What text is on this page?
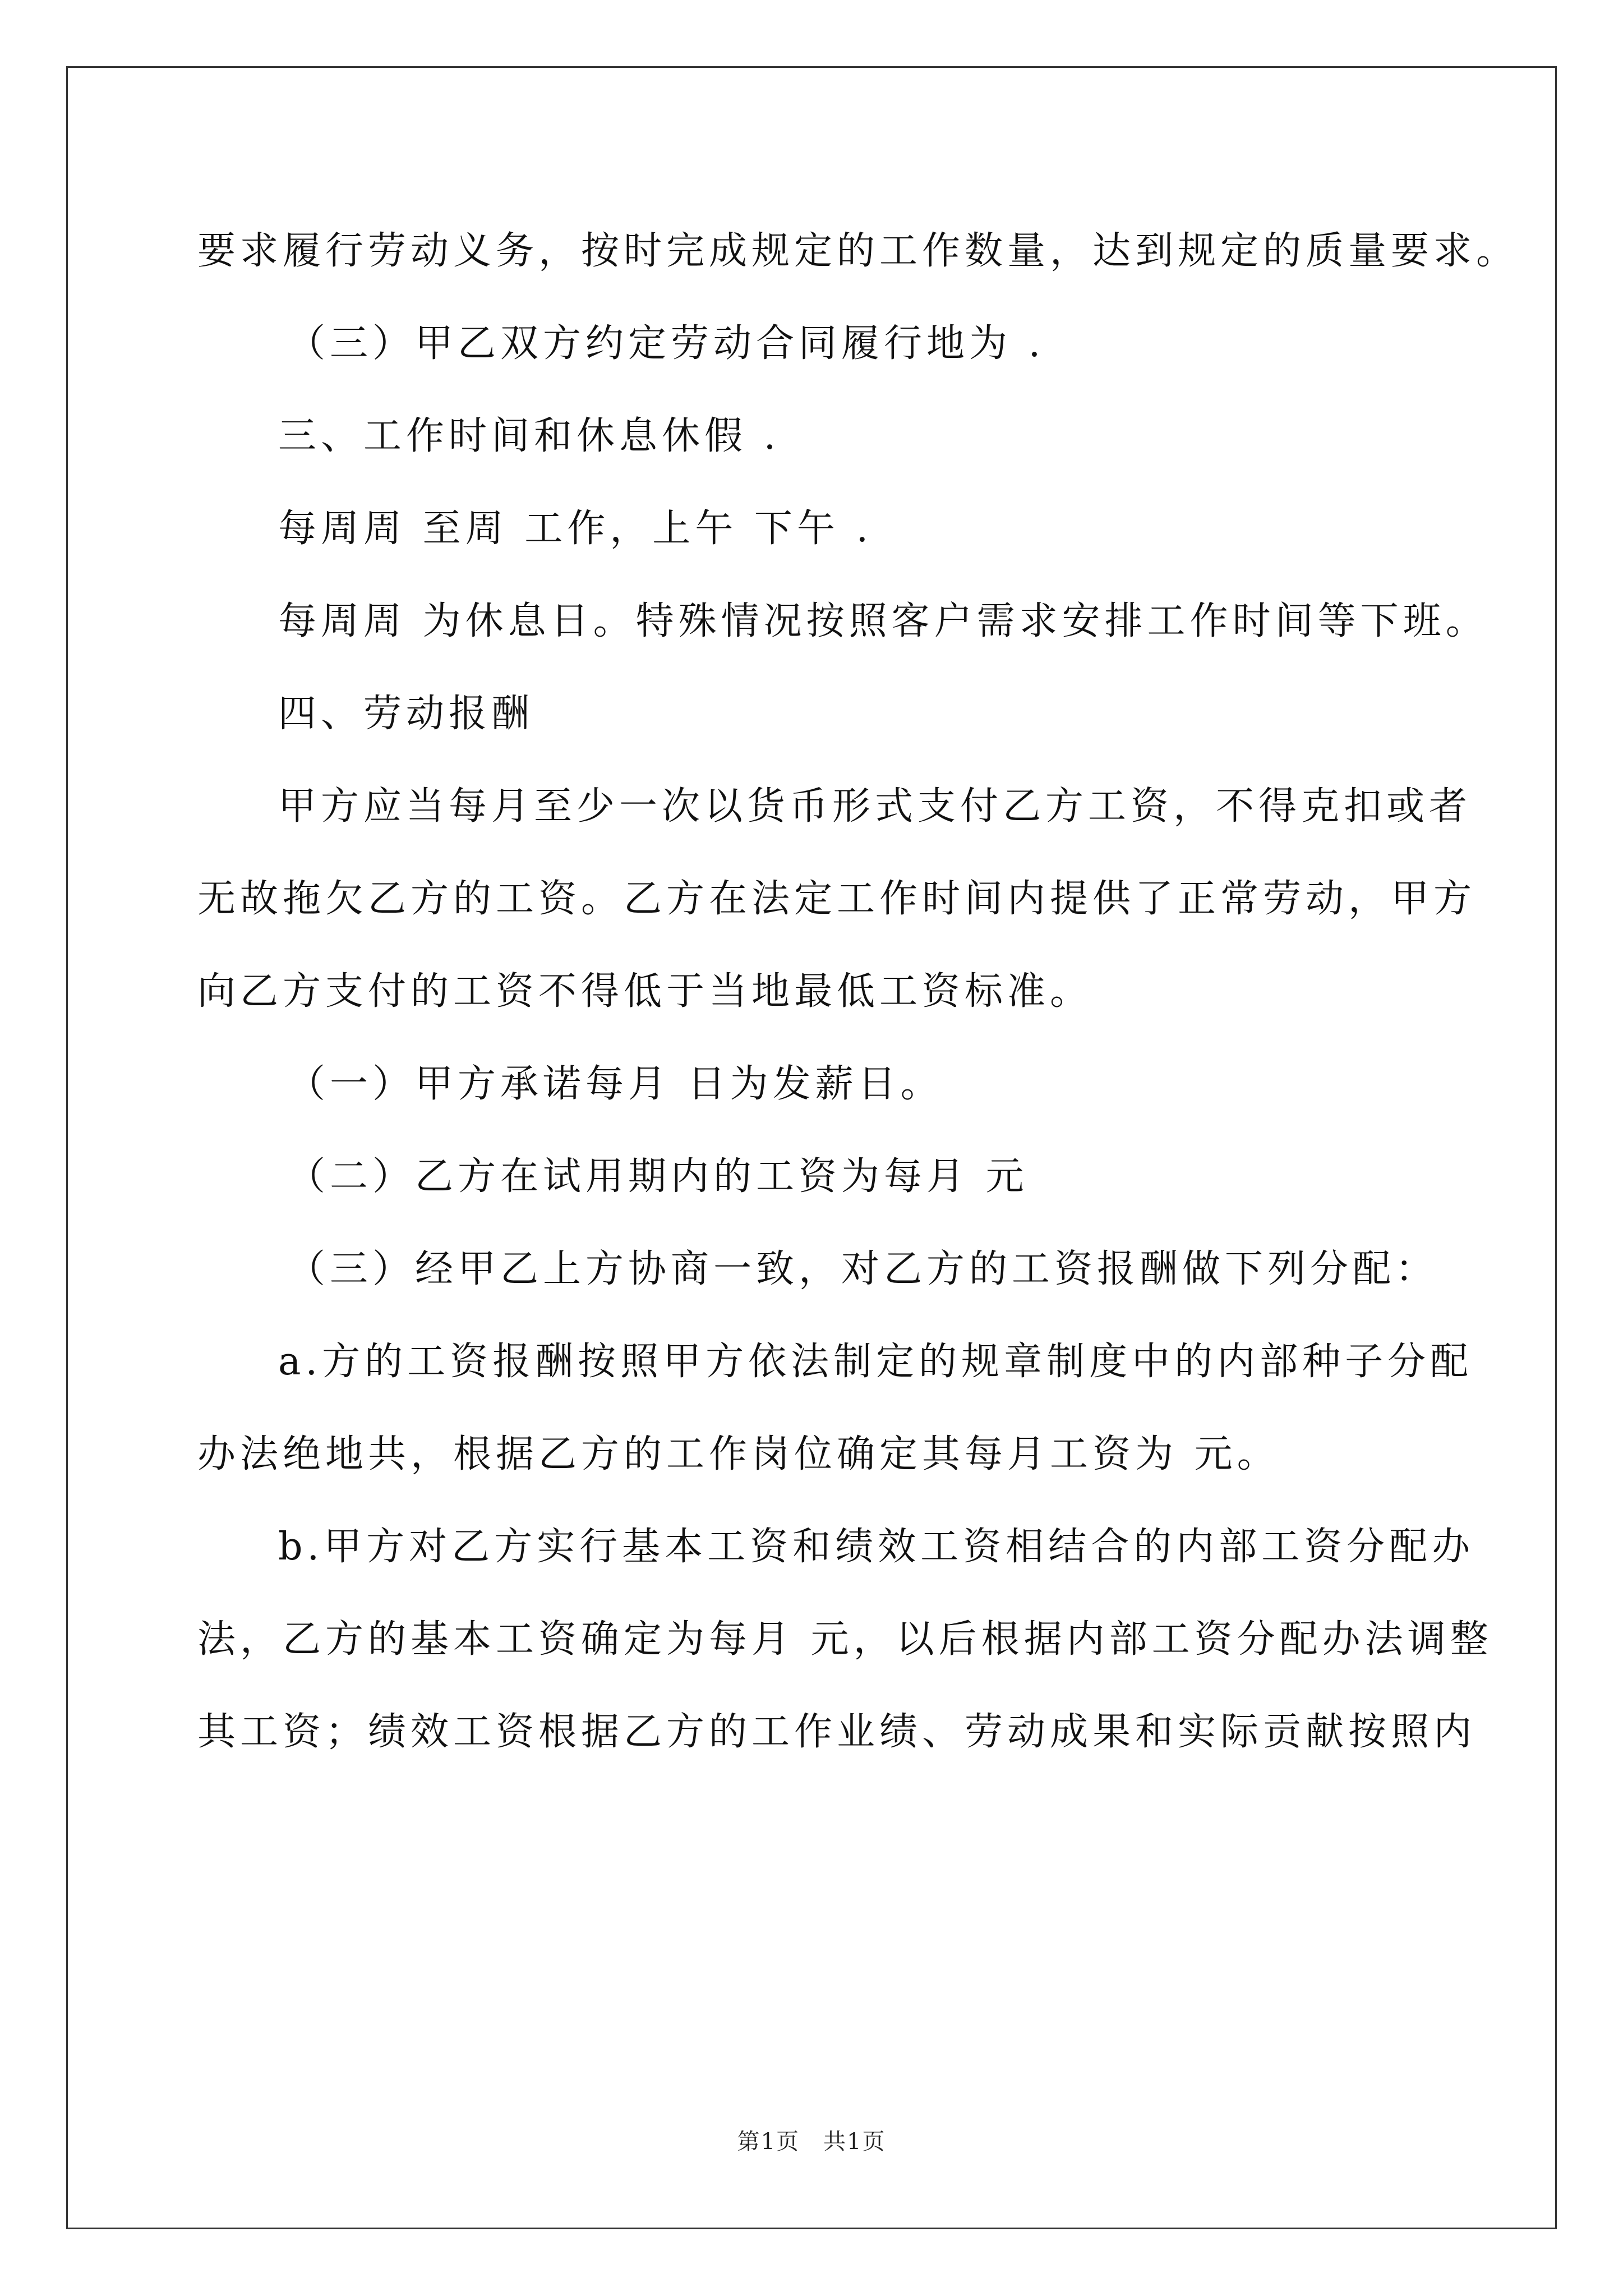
要求履行劳动义务，按时完成规定的工作数量，达到规定的质量要求。

（三）甲乙双方约定劳动合同履行地为 .

三、工作时间和休息休假 .

每周周 至周 工作，上午 下午 .

每周周 为休息日。特殊情况按照客户需求安排工作时间等下班。

四、劳动报酬

甲方应当每月至少一次以货币形式支付乙方工资，不得克扣或者

无故拖欠乙方的工资。乙方在法定工作时间内提供了正常劳动，甲方

向乙方支付的工资不得低于当地最低工资标准。

（一）甲方承诺每月 日为发薪日。

（二）乙方在试用期内的工资为每月 元

（三）经甲乙上方协商一致，对乙方的工资报酬做下列分配：

a.方的工资报酬按照甲方依法制定的规章制度中的内部种子分配

办法绝地共，根据乙方的工作岗位确定其每月工资为 元。

b.甲方对乙方实行基本工资和绩效工资相结合的内部工资分配办

法，乙方的基本工资确定为每月 元，以后根据内部工资分配办法调整

其工资；绩效工资根据乙方的工作业绩、劳动成果和实际贡献按照内

第1页　共1页
